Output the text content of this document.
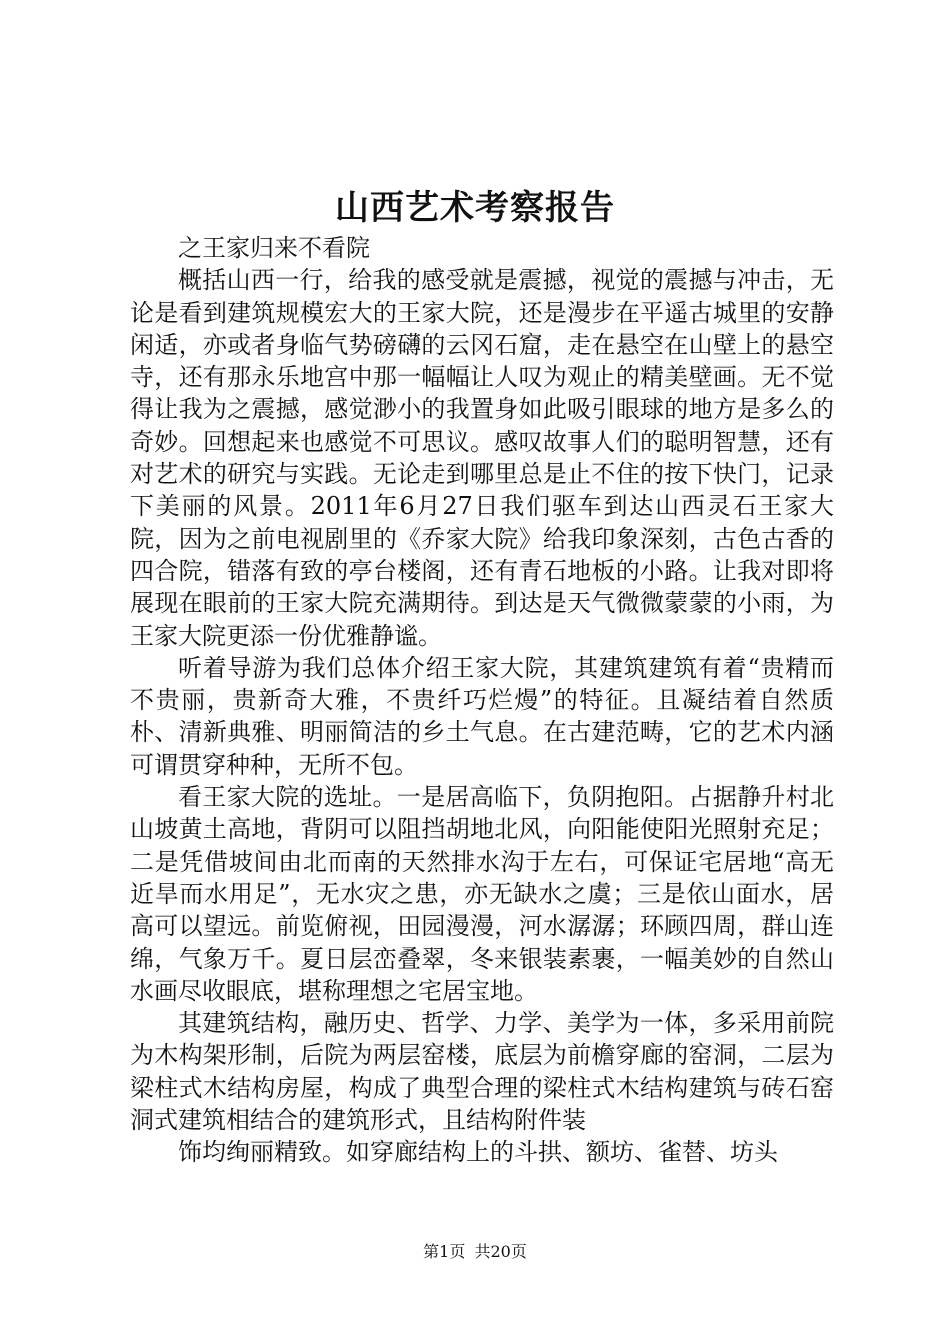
山西艺术考察报告

之王家归来不看院

概括山西一行，给我的感受就是震撼，视觉的震撼与冲击，无论是看到建筑规模宏大的王家大院，还是漫步在平遥古城里的安静闲适，亦或者身临气势磅礴的云冈石窟，走在悬空在山壁上的悬空寺，还有那永乐地宫中那一幅幅让人叹为观止的精美壁画。无不觉得让我为之震撼，感觉渺小的我置身如此吸引眼球的地方是多么的奇妙。回想起来也感觉不可思议。感叹故事人们的聪明智慧，还有对艺术的研究与实践。无论走到哪里总是止不住的按下快门，记录下美丽的风景。2011年6月27日我们驱车到达山西灵石王家大院，因为之前电视剧里的《乔家大院》给我印象深刻，古色古香的四合院，错落有致的亭台楼阁，还有青石地板的小路。让我对即将展现在眼前的王家大院充满期待。到达是天气微微蒙蒙的小雨，为王家大院更添一份优雅静谧。

听着导游为我们总体介绍王家大院，其建筑建筑有着“贵精而不贵丽，贵新奇大雅，不贵纤巧烂熳”的特征。且凝结着自然质朴、清新典雅、明丽简洁的乡土气息。在古建范畴，它的艺术内涵可谓贯穿种种，无所不包。

看王家大院的选址。一是居高临下，负阴抱阳。占据静升村北山坡黄土高地，背阴可以阻挡胡地北风，向阳能使阳光照射充足；二是凭借坡间由北而南的天然排水沟于左右，可保证宅居地“高无近旱而水用足”，无水灾之患，亦无缺水之虞；三是依山面水，居高可以望远。前览俯视，田园漫漫，河水潺潺；环顾四周，群山连绵，气象万千。夏日层峦叠翠，冬来银装素裹，一幅美妙的自然山水画尽收眼底，堪称理想之宅居宝地。

其建筑结构，融历史、哲学、力学、美学为一体，多采用前院为木构架形制，后院为两层窑楼，底层为前檐穿廊的窑洞，二层为梁柱式木结构房屋，构成了典型合理的梁柱式木结构建筑与砖石窑洞式建筑相结合的建筑形式，且结构附件装

饰均绚丽精致。如穿廊结构上的斗拱、额坊、雀替、坊头

第1页 共20页
